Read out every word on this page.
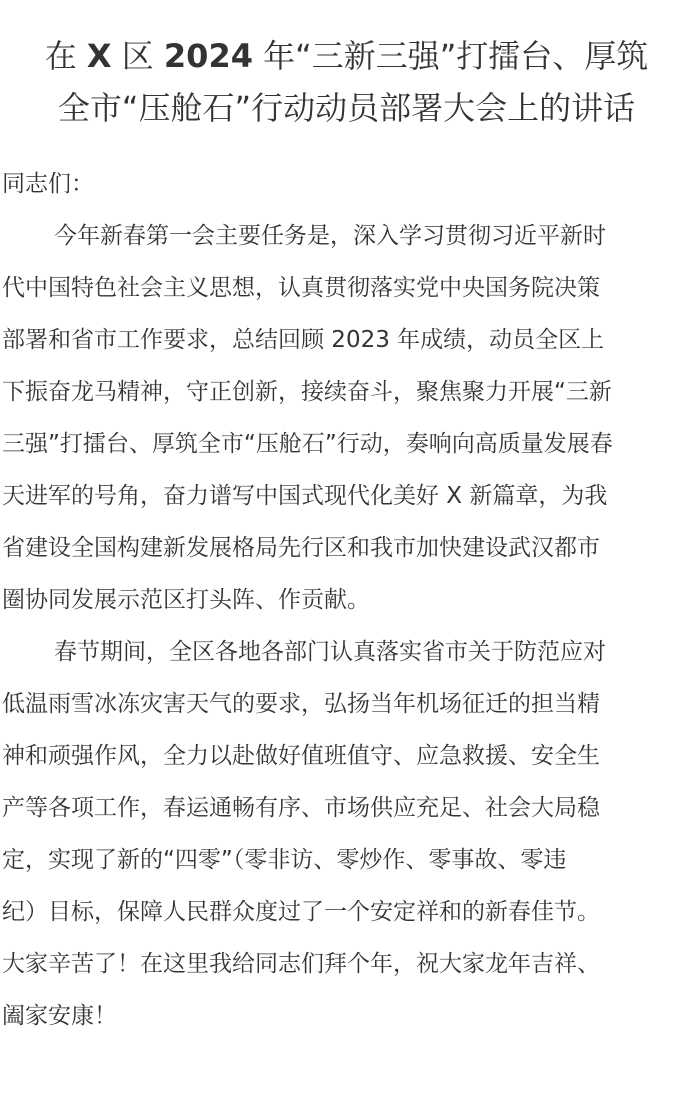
在 X 区 2024 年“三新三强”打擂台、厚筑
全市“压舱石”行动动员部署大会上的讲话

同志们：

今年新春第一会主要任务是，深入学习贯彻习近平新时
代中国特色社会主义思想，认真贯彻落实党中央国务院决策
部署和省市工作要求，总结回顾 2023 年成绩，动员全区上
下振奋龙马精神，守正创新，接续奋斗，聚焦聚力开展“三新
三强”打擂台、厚筑全市“压舱石”行动，奏响向高质量发展春
天进军的号角，奋力谱写中国式现代化美好 X 新篇章，为我
省建设全国构建新发展格局先行区和我市加快建设武汉都市
圈协同发展示范区打头阵、作贡献。

春节期间，全区各地各部门认真落实省市关于防范应对
低温雨雪冰冻灾害天气的要求，弘扬当年机场征迁的担当精
神和顽强作风，全力以赴做好值班值守、应急救援、安全生
产等各项工作，春运通畅有序、市场供应充足、社会大局稳
定，实现了新的“四零”（零非访、零炒作、零事故、零违
纪）目标，保障人民群众度过了一个安定祥和的新春佳节。
大家辛苦了！在这里我给同志们拜个年，祝大家龙年吉祥、
阖家安康！
